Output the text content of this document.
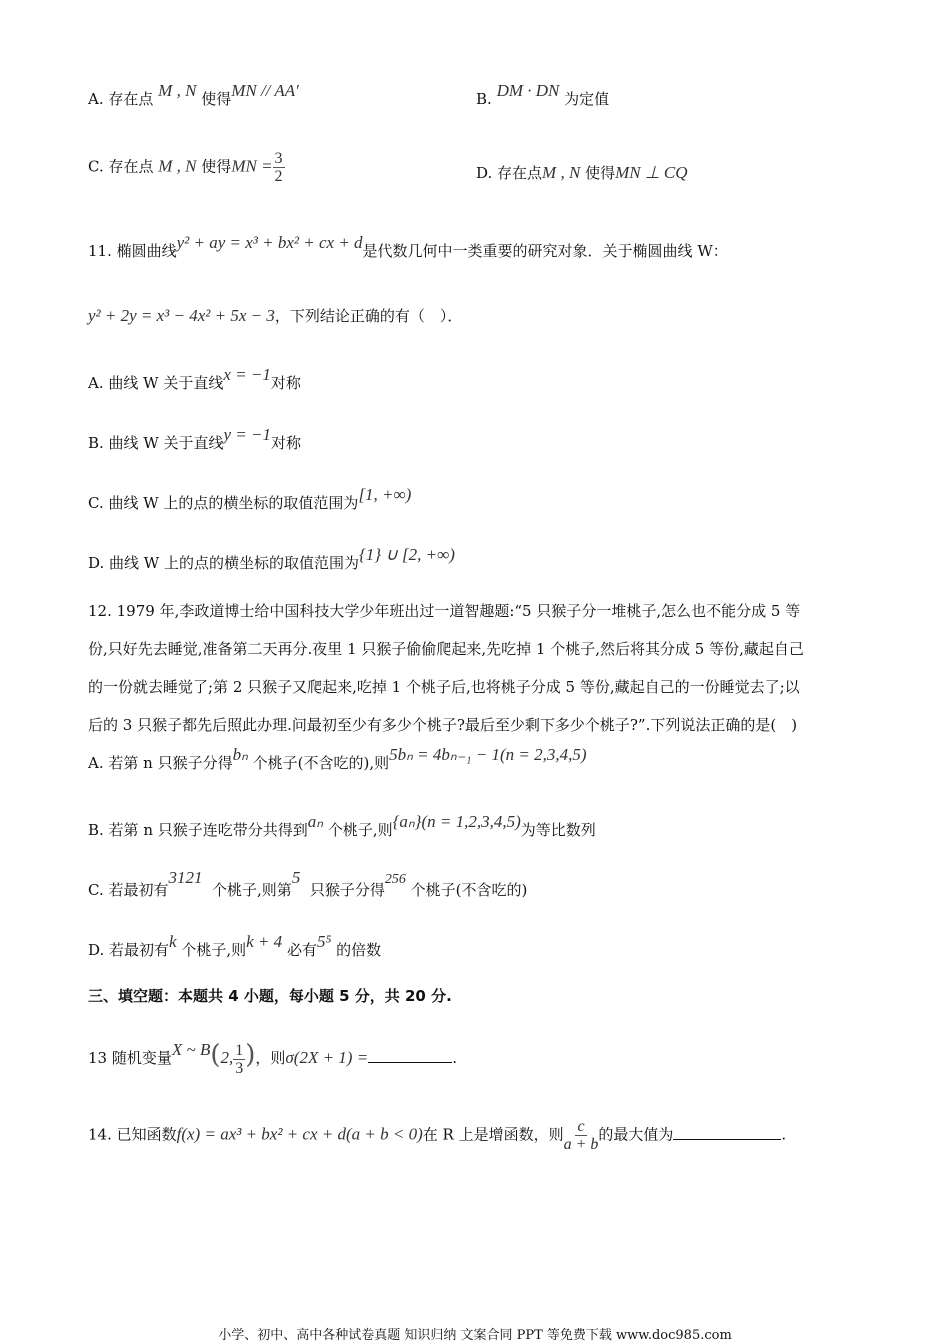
A. 存在点 M , N 使得MN // AA′	B. DM · DN 为定值
C. 存在点 M , N 使得MN = $\frac{3}{2}$	D. 存在点M , N 使得MN ⊥ CQ
11. 椭圆曲线y² + ay = x³ + bx² + cx + d是代数几何中一类重要的研究对象．关于椭圆曲线 W：
y² + 2y = x³ − 4x² + 5x − 3，下列结论正确的有（　）．
A. 曲线 W 关于直线x = −1对称
B. 曲线 W 关于直线y = −1对称
C. 曲线 W 上的点的横坐标的取值范围为[1, +∞)
D. 曲线 W 上的点的横坐标的取值范围为{1} ∪ [2, +∞)
12. 1979 年,李政道博士给中国科技大学少年班出过一道智趣题:“5 只猴子分一堆桃子,怎么也不能分成 5 等
份,只好先去睡觉,准备第二天再分.夜里 1 只猴子偷偷爬起来,先吃掉 1 个桃子,然后将其分成 5 等份,藏起自己
的一份就去睡觉了;第 2 只猴子又爬起来,吃掉 1 个桃子后,也将桃子分成 5 等份,藏起自己的一份睡觉去了;以
后的 3 只猴子都先后照此办理.问最初至少有多少个桃子?最后至少剩下多少个桃子?”.下列说法正确的是(　)
A. 若第 n 只猴子分得bₙ 个桃子(不含吃的),则5bₙ = 4bₙ₋₁ − 1(n = 2,3,4,5)
B. 若第 n 只猴子连吃带分共得到aₙ 个桃子,则{aₙ}(n = 1,2,3,4,5)为等比数列
C. 若最初有3121  个桃子,则第5  只猴子分得256 个桃子(不含吃的)
D. 若最初有k 个桃子,则k + 4 必有5⁵ 的倍数
三、填空题：本题共 4 小题，每小题 5 分，共 20 分.
13 随机变量X ~ B(2, $\frac{1}{3}$ )，则σ(2X + 1) =	.
14. 已知函数f(x) = ax³ + bx² + cx + d(a + b < 0)在 R 上是增函数，则 $\frac{c}{a + b}$ 的最大值为	.
小学、初中、高中各种试卷真题 知识归纳 文案合同 PPT 等免费下载 www.doc985.com
